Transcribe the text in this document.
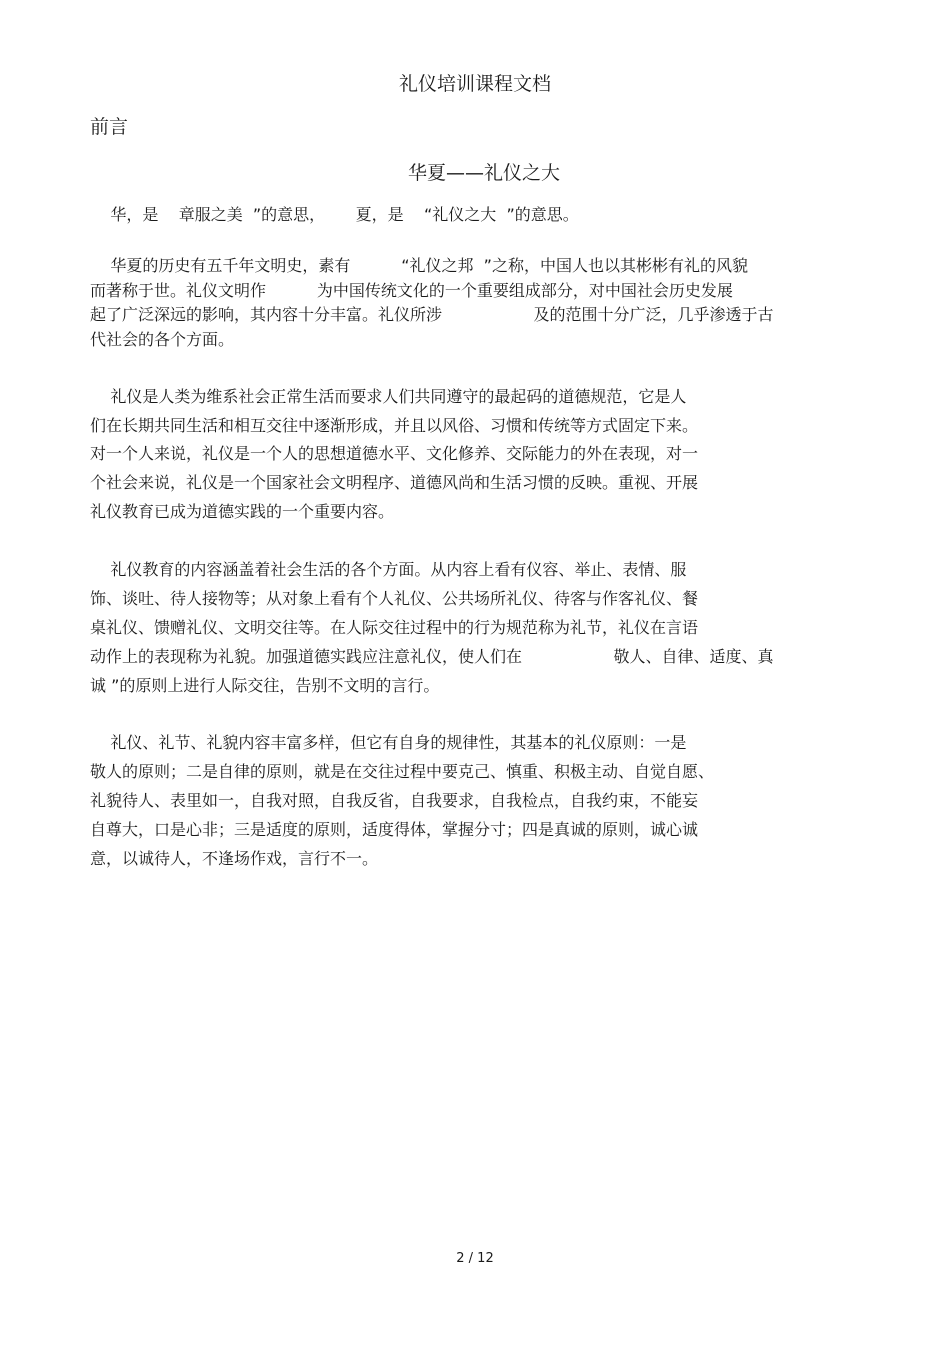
礼仪培训课程文档
前言
华夏——礼仪之大
华，是    章服之美  ”的意思，      夏，是    “礼仪之大  ”的意思。
华夏的历史有五千年文明史，素有          “礼仪之邦  ”之称，中国人也以其彬彬有礼的风貌
而著称于世。礼仪文明作          为中国传统文化的一个重要组成部分，对中国社会历史发展
起了广泛深远的影响，其内容十分丰富。礼仪所涉                  及的范围十分广泛，几乎渗透于古
代社会的各个方面。
礼仪是人类为维系社会正常生活而要求人们共同遵守的最起码的道德规范，它是人
们在长期共同生活和相互交往中逐渐形成，并且以风俗、习惯和传统等方式固定下来。
对一个人来说，礼仪是一个人的思想道德水平、文化修养、交际能力的外在表现，对一
个社会来说，礼仪是一个国家社会文明程序、道德风尚和生活习惯的反映。重视、开展
礼仪教育已成为道德实践的一个重要内容。
礼仪教育的内容涵盖着社会生活的各个方面。从内容上看有仪容、举止、表情、服
饰、谈吐、待人接物等；从对象上看有个人礼仪、公共场所礼仪、待客与作客礼仪、餐
桌礼仪、馈赠礼仪、文明交往等。在人际交往过程中的行为规范称为礼节，礼仪在言语
动作上的表现称为礼貌。加强道德实践应注意礼仪，使人们在                  敬人、自律、适度、真
诚 ”的原则上进行人际交往，告别不文明的言行。
礼仪、礼节、礼貌内容丰富多样，但它有自身的规律性，其基本的礼仪原则：一是
敬人的原则；二是自律的原则，就是在交往过程中要克己、慎重、积极主动、自觉自愿、
礼貌待人、表里如一，自我对照，自我反省，自我要求，自我检点，自我约束，不能妄
自尊大，口是心非；三是适度的原则，适度得体，掌握分寸；四是真诚的原则，诚心诚
意，以诚待人，不逢场作戏，言行不一。
2 / 12
